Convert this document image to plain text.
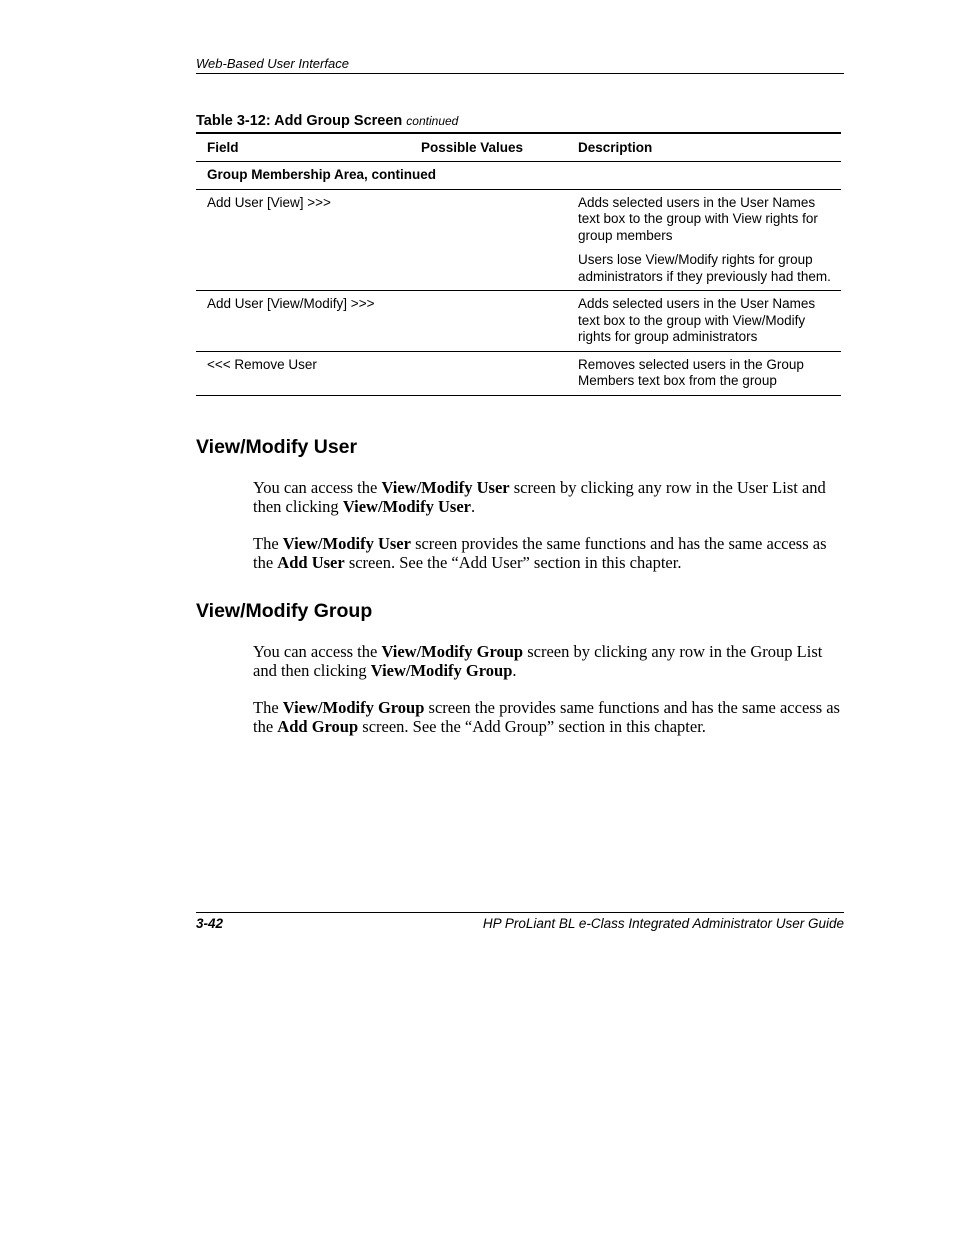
Web-Based User Interface
Table 3-12: Add Group Screen continued
Field	Possible Values	Description
Group Membership Area, continued		
Add User [View] >>>		Adds selected users in the User Names text box to the group with View rights for group members

Users lose View/Modify rights for group administrators if they previously had them.

Add User [View/Modify] >>>		Adds selected users in the User Names text box to the group with View/Modify rights for group administrators

<<< Remove User		Removes selected users in the Group Members text box from the group

View/Modify User

You can access the View/Modify User screen by clicking any row in the User List and then clicking View/Modify User.

The View/Modify User screen provides the same functions and has the same access as the Add User screen. See the “Add User” section in this chapter.

View/Modify Group

You can access the View/Modify Group screen by clicking any row in the Group List and then clicking View/Modify Group.

The View/Modify Group screen the provides same functions and has the same access as the Add Group screen. See the “Add Group” section in this chapter.

3-42	HP ProLiant BL e-Class Integrated Administrator User Guide
